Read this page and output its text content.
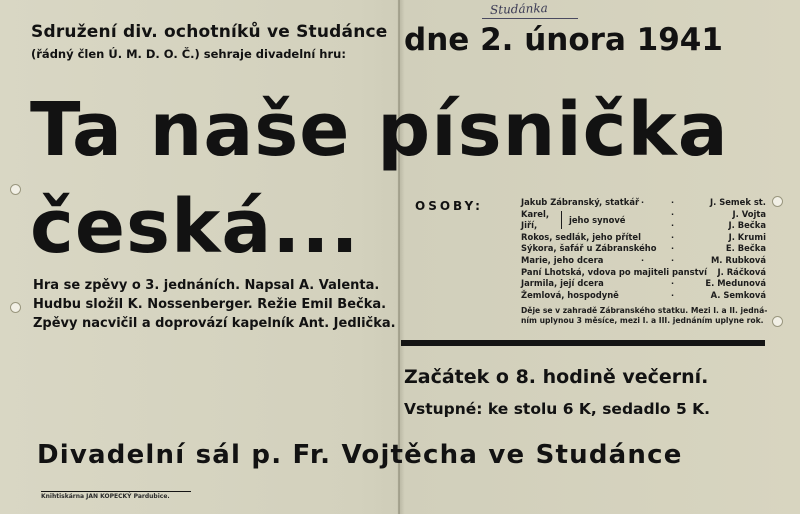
Sdružení div. ochotníků ve Studánce
(řádný člen Ú. M. D. O. Č.) sehraje divadelní hru:
Studánka
dne 2. února 1941
Ta naše písnička
česká...
Hra se zpěvy o 3. jednáních. Napsal A. Valenta.
Hudbu složil K. Nossenberger. Režie Emil Bečka.
Zpěvy nacvičil a doprovází kapelník Ant. Jedlička.
OSOBY:	Jakub Zábranský, statkář ·	·	J. Semek st.
Karel,	·	J. Vojta
jeho synové
Jiří,	·	J. Bečka
Rokos, sedlák, jeho přítel	·	J. Krumi
Sýkora, šafář u Zábranského ·	E. Bečka
Marie, jeho dcera	·	·	M. Rubková
Paní Lhotská, vdova po majiteli panství J. Ráčková
Jarmila, její dcera	·	E. Medunová
Žemlová, hospodyně	·	A. Semková
Děje se v zahradě Zábranského statku. Mezi I. a II. jedná-
ním uplynou 3 měsíce, mezi I. a III. jednáním uplyne rok.
Začátek o 8. hodině večerní.
Vstupné: ke stolu 6 K, sedadlo 5 K.
Divadelní sál p. Fr. Vojtěcha ve Studánce
Knihtiskárna JAN KOPECKÝ Pardubice.
